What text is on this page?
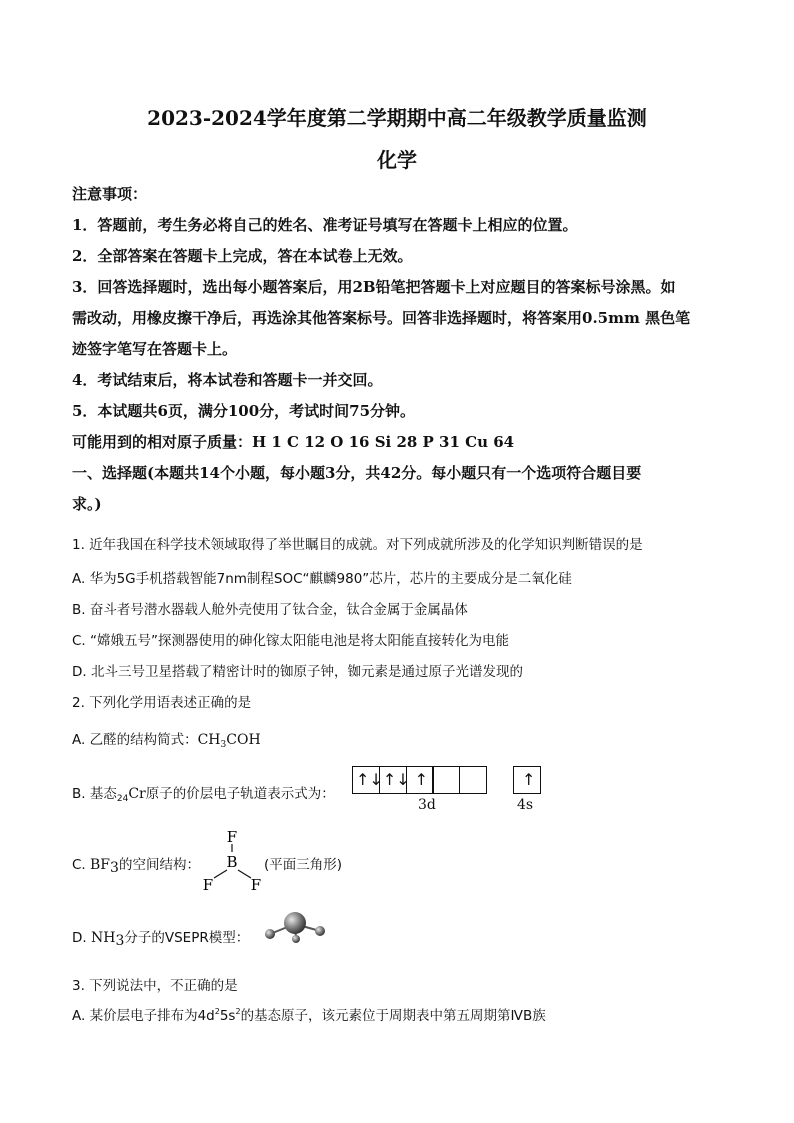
2023-2024学年度第二学期期中高二年级教学质量监测
化学
注意事项：
1．答题前，考生务必将自己的姓名、准考证号填写在答题卡上相应的位置。
2．全部答案在答题卡上完成，答在本试卷上无效。
3．回答选择题时，选出每小题答案后，用2B铅笔把答题卡上对应题目的答案标号涂黑。如
需改动，用橡皮擦干净后，再选涂其他答案标号。回答非选择题时，将答案用0.5mm 黑色笔
迹签字笔写在答题卡上。
4．考试结束后，将本试卷和答题卡一并交回。
5．本试题共6页，满分100分，考试时间75分钟。
可能用到的相对原子质量：H 1 C 12 O 16 Si 28 P 31 Cu 64
一、选择题(本题共14个小题，每小题3分，共42分。每小题只有一个选项符合题目要
求。)
1. 近年我国在科学技术领域取得了举世瞩目的成就。对下列成就所涉及的化学知识判断错误的是
A. 华为5G手机搭载智能7nm制程SOC“麒麟980”芯片，芯片的主要成分是二氧化硅
B. 奋斗者号潜水器载人舱外壳使用了钛合金，钛合金属于金属晶体
C. “嫦娥五号”探测器使用的砷化镓太阳能电池是将太阳能直接转化为电能
D. 北斗三号卫星搭载了精密计时的铷原子钟，铷元素是通过原子光谱发现的
2. 下列化学用语表述正确的是
A. 乙醛的结构简式：$CH_3COH$
B. 基态$_{24}$Cr原子的价层电子轨道表示式为：
↑↓ ↑↓ ↑
3d
↑
4s
C. BF3的空间结构：
F
B
F	F
(平面三角形)
D. NH3分子的VSEPR模型：
3. 下列说法中，不正确的是
A. 某价层电子排布为$4d^25s^2$的基态原子，该元素位于周期表中第五周期第ⅣB族
